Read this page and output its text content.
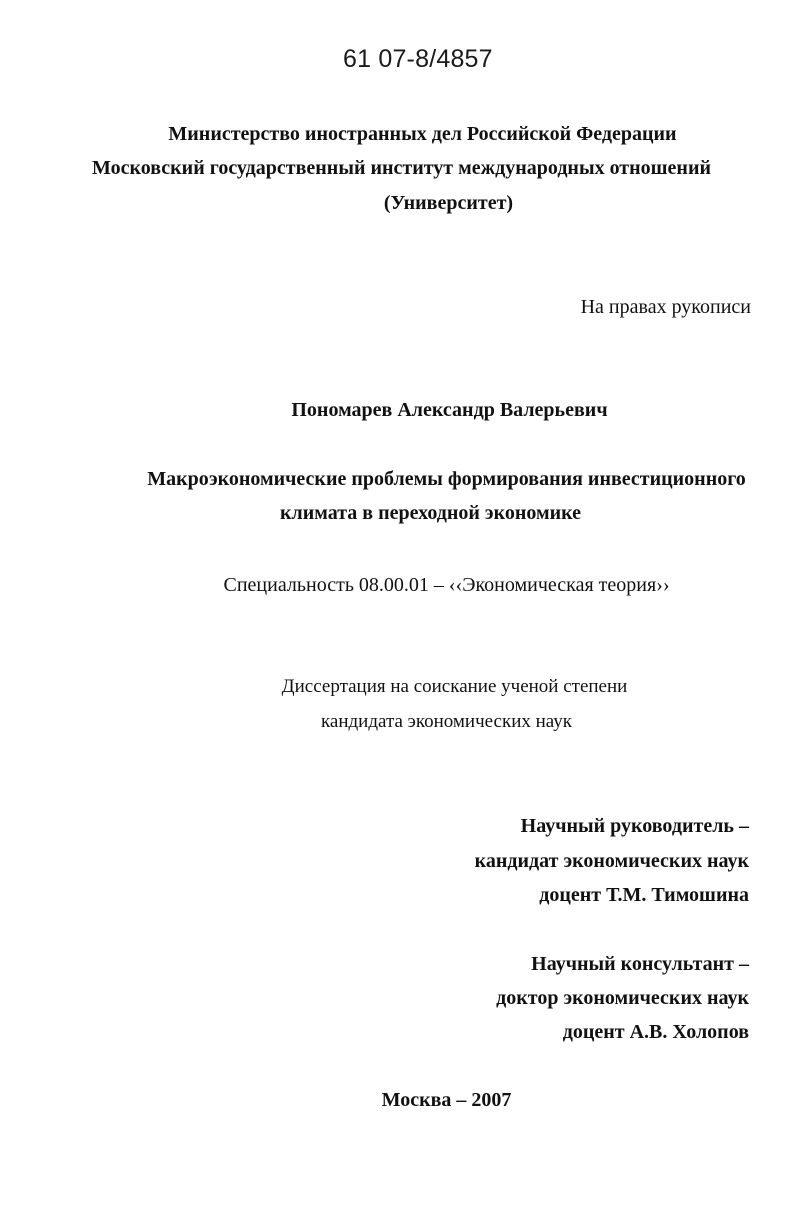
61 07-8/4857
Министерство иностранных дел Российской Федерации
Московский государственный институт международных отношений
(Университет)
На правах рукописи
Пономарев Александр Валерьевич
Макроэкономические проблемы формирования инвестиционного
климата в переходной экономике
Специальность 08.00.01 – ‹‹Экономическая теория››
Диссертация на соискание ученой степени
кандидата экономических наук
Научный руководитель –
кандидат экономических наук
доцент Т.М. Тимошина
Научный консультант –
доктор экономических наук
доцент А.В. Холопов
Москва – 2007
